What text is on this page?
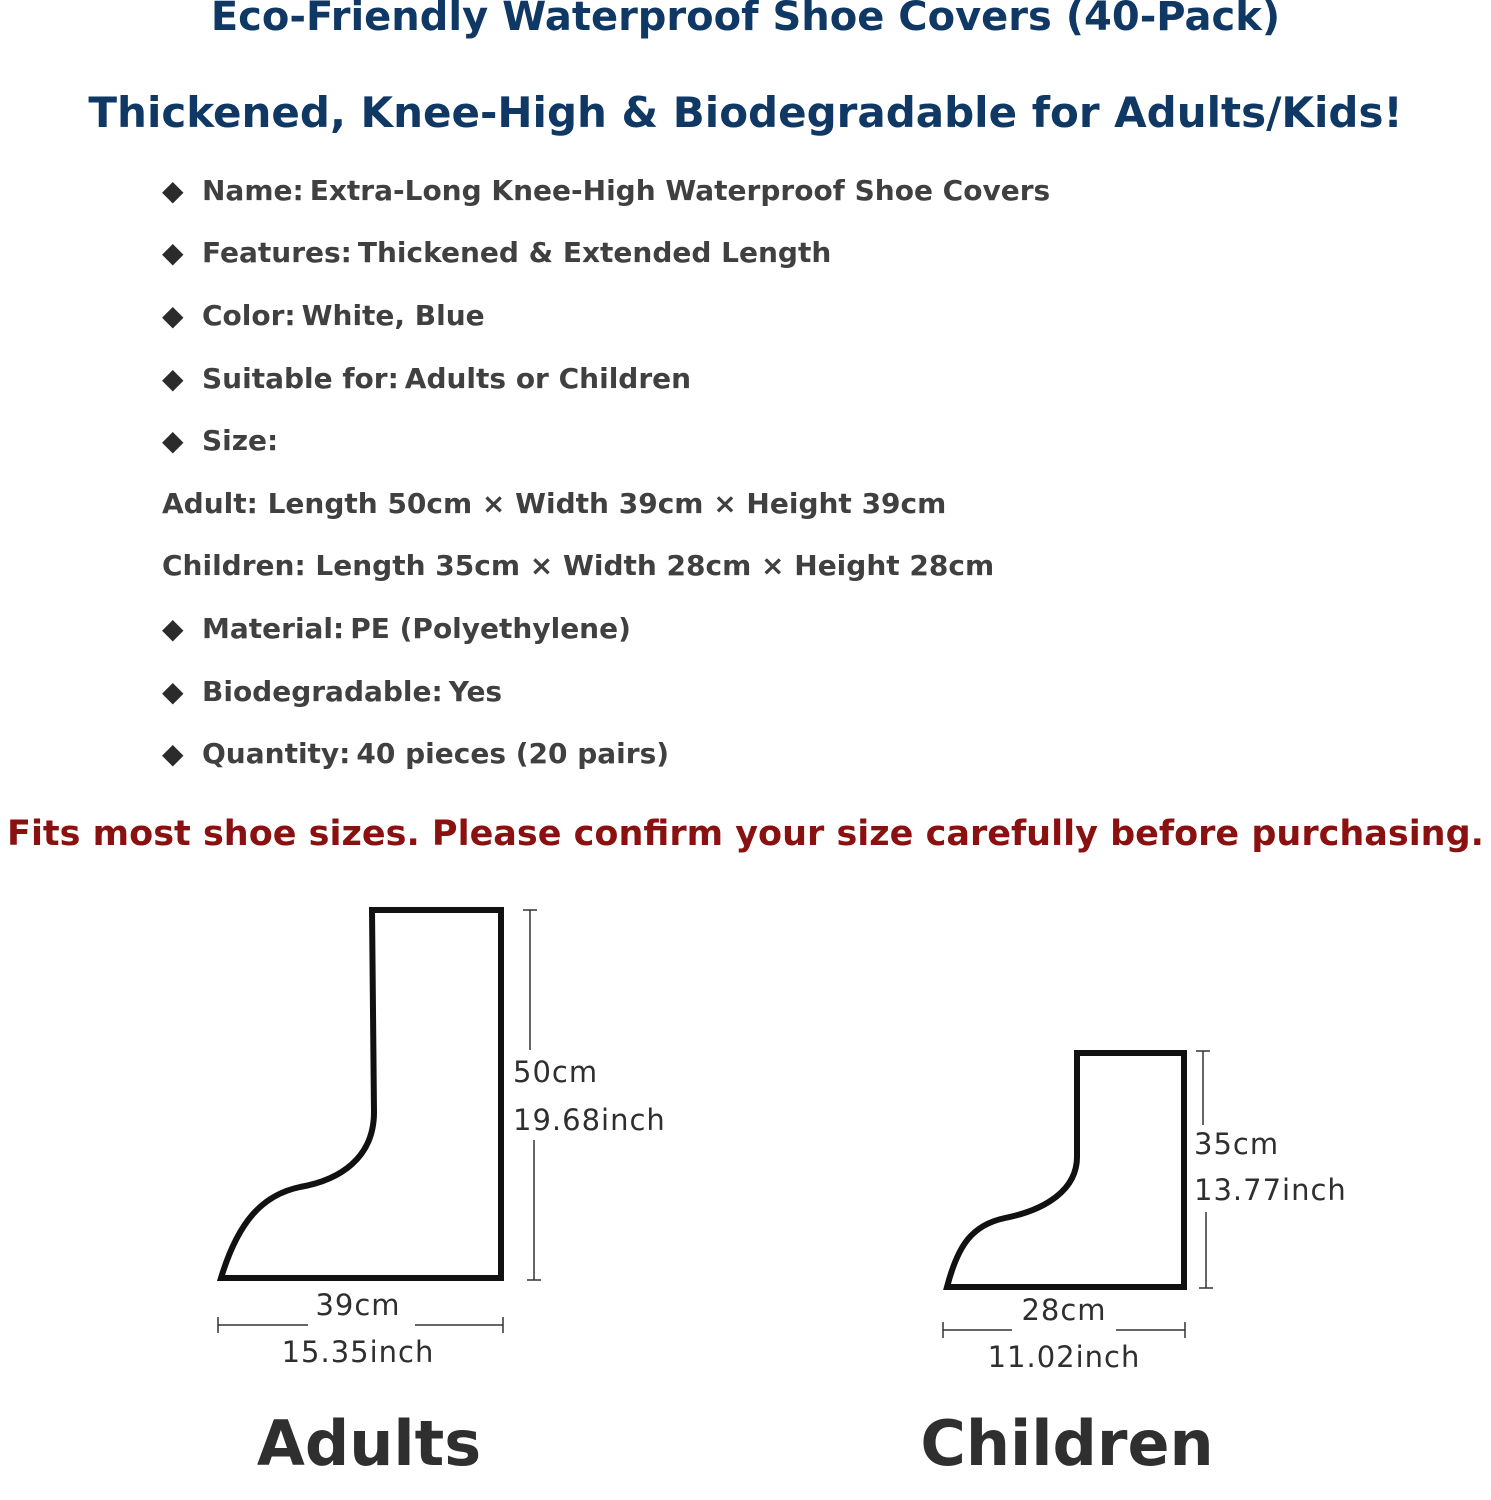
Eco-Friendly Waterproof Shoe Covers (40-Pack)
Thickened, Knee-High & Biodegradable for Adults/Kids!

◆ Name: Extra-Long Knee-High Waterproof Shoe Covers

◆ Features: Thickened & Extended Length

◆ Color: White, Blue

◆ Suitable for: Adults or Children

◆ Size:

Adult: Length 50cm × Width 39cm × Height 39cm

Children: Length 35cm × Width 28cm × Height 28cm

◆ Material: PE (Polyethylene)

◆ Biodegradable: Yes

◆ Quantity: 40 pieces (20 pairs)

Fits most shoe sizes. Please confirm your size carefully before purchasing.

50cm
19.68inch
39cm
15.35inch
Adults
35cm
13.77inch
28cm
11.02inch
Children
